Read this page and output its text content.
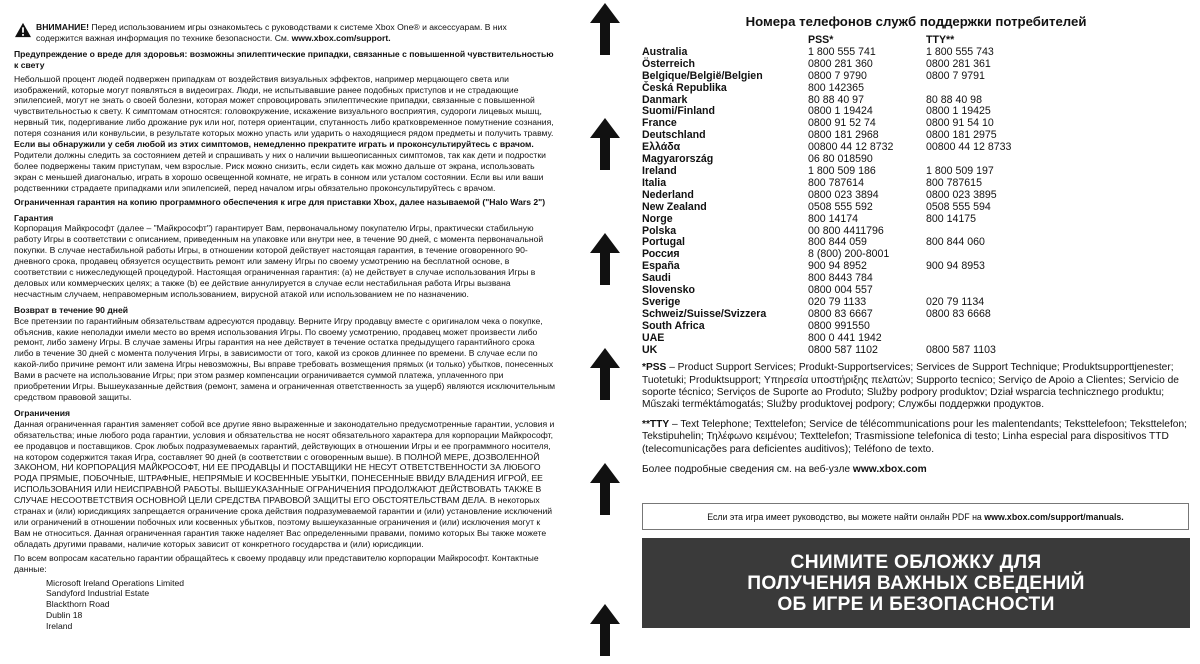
ВНИМАНИЕ! Перед использованием игры ознакомьтесь с руководствами к системе Xbox One® и аксессуарам. В них содержится важная информация по технике безопасности. См. www.xbox.com/support.

Предупреждение о вреде для здоровья: возможны эпилептические припадки, связанные с повышенной чувствительностью к свету

Небольшой процент людей подвержен припадкам от воздействия визуальных эффектов, например мерцающего света или изображений, которые могут появляться в видеоиграх. Люди, не испытывавшие ранее подобных приступов и не страдающие эпилепсией, могут не знать о своей болезни, которая может спровоцировать эпилептические припадки, связанные с повышенной чувствительностью к свету. К симптомам относятся: головокружение, искажение визуального восприятия, судороги лицевых мышц, нервный тик, подергивание либо дрожание рук или ног, потеря ориентации, спутанность либо кратковременное помутнение сознания, потеря сознания или конвульсии, в результате которых можно упасть или ударить о находящиеся рядом предметы и получить травму.

Если вы обнаружили у себя любой из этих симптомов, немедленно прекратите играть и проконсультируйтесь с врачом.

Родители должны следить за состоянием детей и спрашивать у них о наличии вышеописанных симптомов, так как дети и подростки более подвержены таким приступам, чем взрослые. Риск можно снизить, если сидеть как можно дальше от экрана, использовать экран с меньшей диагональю, играть в хорошо освещенной комнате, не играть в сонном или усталом состоянии. Если вы или ваши родственники страдаете припадками или эпилепсией, перед началом игры обязательно проконсультируйтесь с врачом.

Ограниченная гарантия на копию программного обеспечения к игре для приставки Xbox, далее называемой ("Halo Wars 2")

Гарантия

Корпорация Майкрософт (далее – "Майкрософт") гарантирует Вам, первоначальному покупателю Игры, практически стабильную работу Игры в соответствии с описанием, приведенным на упаковке или внутри нее, в течение 90 дней, с момента первоначальной покупки. В случае нестабильной работы Игры, в отношении которой действует настоящая гарантия, в течение оговоренного 90-дневного срока, продавец обязуется осуществить ремонт или замену Игры по своему усмотрению на бесплатной основе, в соответствии с нижеследующей процедурой. Настоящая ограниченная гарантия: (а) не действует в случае использования Игры в деловых или коммерческих целях; а также (b) ее действие аннулируется в случае если нестабильная работа Игры вызвана несчастным случаем, неправомерным использованием, вирусной атакой или использованием не по назначению.

Возврат в течение 90 дней

Все претензии по гарантийным обязательствам адресуются продавцу. Верните Игру продавцу вместе с оригиналом чека о покупке, объяснив, какие неполадки имели место во время использования Игры. По своему усмотрению, продавец может произвести либо ремонт, либо замену Игры. В случае замены Игры гарантия на нее действует в течение остатка предыдущего гарантийного срока либо в течение 30 дней с момента получения Игры, в зависимости от того, какой из сроков длиннее по времени. В случае если по какой-либо причине ремонт или замена Игры невозможны, Вы вправе требовать возмещения прямых (и только) убытков, понесенных Вами в расчете на использование Игры; при этом размер компенсации ограничивается суммой платежа, уплаченного при приобретении Игры. Вышеуказанные действия (ремонт, замена и ограниченная ответственность за ущерб) являются исключительным средством правовой защиты.

Ограничения

Данная ограниченная гарантия заменяет собой все другие явно выраженные и законодательно предусмотренные гарантии, условия и обязательства; иные любого рода гарантии, условия и обязательства не носят обязательного характера для корпорации Майкрософт, ее продавцов и поставщиков. Срок любых подразумеваемых гарантий, действующих в отношении Игры и ее программного носителя, на котором содержится такая Игра, составляет 90 дней (в соответствии с оговоренным выше). В ПОЛНОЙ МЕРЕ, ДОЗВОЛЕННОЙ ЗАКОНОМ, НИ КОРПОРАЦИЯ МАЙКРОСОФТ, НИ ЕЕ ПРОДАВЦЫ И ПОСТАВЩИКИ НЕ НЕСУТ ОТВЕТСТВЕННОСТИ ЗА ЛЮБОГО РОДА ПРЯМЫЕ, ПОБОЧНЫЕ, ШТРАФНЫЕ, НЕПРЯМЫЕ И КОСВЕННЫЕ УБЫТКИ, ПОНЕСЕННЫЕ ВВИДУ ВЛАДЕНИЯ ИГРОЙ, ЕЕ ИСПОЛЬЗОВАНИЯ ИЛИ НЕИСПРАВНОЙ РАБОТЫ. ВЫШЕУКАЗАННЫЕ ОГРАНИЧЕНИЯ ПРОДОЛЖАЮТ ДЕЙСТВОВАТЬ ТАКЖЕ В СЛУЧАЕ НЕСООТВЕТСТВИЯ ОСНОВНОЙ ЦЕЛИ СРЕДСТВА ПРАВОВОЙ ЗАЩИТЫ ЕГО ОБСТОЯТЕЛЬСТВАМ ДЕЛА. В некоторых странах и (или) юрисдикциях запрещается ограничение срока действия подразумеваемой гарантии и (или) установление исключений или ограничений в отношении побочных или косвенных убытков, поэтому вышеуказанные ограничения и (или) исключения могут к Вам не относиться. Данная ограниченная гарантия также наделяет Вас определенными правами, помимо которых Вы также можете обладать другими правами, наличие которых зависит от конкретного государства и (или) юрисдикции.

По всем вопросам касательно гарантии обращайтесь к своему продавцу или представителю корпорации Майкрософт. Контактные данные:

Microsoft Ireland Operations Limited
Sandyford Industrial Estate
Blackthorn Road
Dublin 18
Ireland

Номера телефонов служб поддержки потребителей

	PSS*	TTY**
Australia	1 800 555 741	1 800 555 743
Österreich	0800 281 360	0800 281 361
Belgique/België/Belgien	0800 7 9790	0800 7 9791
Česká Republika	800 142365	
Danmark	80 88 40 97	80 88 40 98
Suomi/Finland	0800 1 19424	0800 1 19425
France	0800 91 52 74	0800 91 54 10
Deutschland	0800 181 2968	0800 181 2975
Ελλάδα	00800 44 12 8732	00800 44 12 8733
Magyarország	06 80 018590	
Ireland	1 800 509 186	1 800 509 197
Italia	800 787614	800 787615
Nederland	0800 023 3894	0800 023 3895
New Zealand	0508 555 592	0508 555 594
Norge	800 14174	800 14175
Polska	00 800 4411796	
Portugal	800 844 059	800 844 060
Россия	8 (800) 200-8001	
España	900 94 8952	900 94 8953
Saudi	800 8443 784	
Slovensko	0800 004 557	
Sverige	020 79 1133	020 79 1134
Schweiz/Suisse/Svizzera	0800 83 6667	0800 83 6668
South Africa	0800 991550	
UAE	800 0 441 1942	
UK	0800 587 1102	0800 587 1103

*PSS – Product Support Services; Produkt-Supportservices; Services de Support Technique; Produktsupporttjenester; Tuotetuki; Produktsupport; Υπηρεσία υποστήριξης πελατών; Supporto tecnico; Serviço de Apoio a Clientes; Servicio de soporte técnico; Serviços de Suporte ao Produto; Služby podpory produktov; Dział wsparcia technicznego produktu; Műszaki terméktámogatás; Službу produktovej podpory; Службы поддержки продуктов.

**TTY – Text Telephone; Texttelefon; Service de télécommunications pour les malentendants; Teksttelefoon; Teksttelefon; Tekstipuhelin; Τηλέφωνο κειμένου; Texttelefon; Trasmissione telefonica di testo; Linha especial para dispositivos TTD (telecomunicações para deficientes auditivos); Teléfono de texto.

Более подробные сведения см. на веб-узле www.xbox.com

Если эта игра имеет руководство, вы можете найти онлайн PDF на
www.xbox.com/support/manuals.
СНИМИТЕ ОБЛОЖКУ ДЛЯ
ПОЛУЧЕНИЯ ВАЖНЫХ СВЕДЕНИЙ
ОБ ИГРЕ И БЕЗОПАСНОСТИ
